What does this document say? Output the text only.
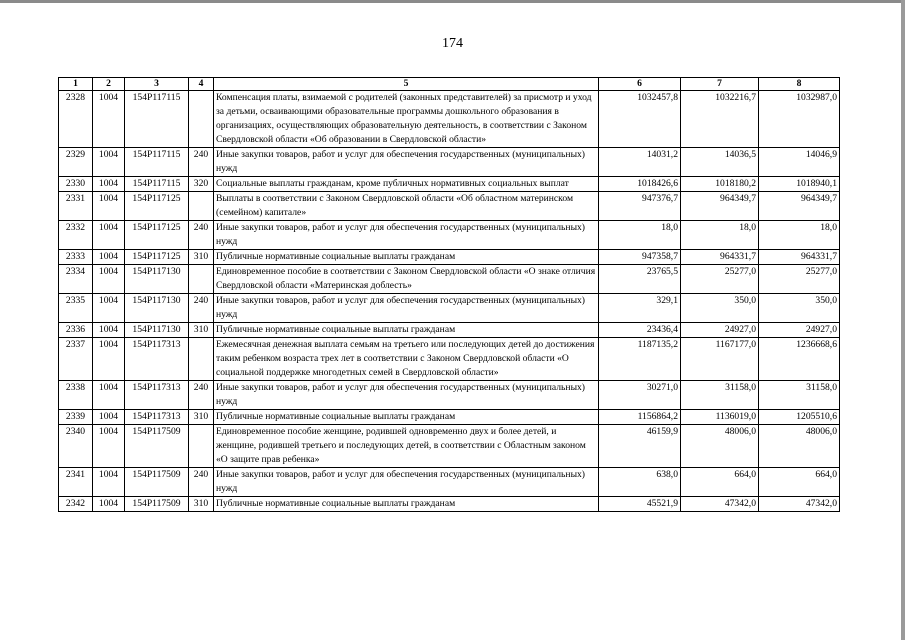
174
1	2	3	4	5	6	7	8
2328	1004	154P117115		Компенсация платы, взимаемой с родителей (законных представителей) за присмотр и уход за детьми, осваивающими образовательные программы дошкольного образования в организациях, осуществляющих образовательную деятельность, в соответствии с Законом Свердловской области «Об образовании в Свердловской области»	1032457,8	1032216,7	1032987,0
2329	1004	154P117115	240	Иные закупки товаров, работ и услуг для обеспечения государственных (муниципальных) нужд	14031,2	14036,5	14046,9
2330	1004	154P117115	320	Социальные выплаты гражданам, кроме публичных нормативных социальных выплат	1018426,6	1018180,2	1018940,1
2331	1004	154P117125		Выплаты в соответствии с Законом Свердловской области «Об областном материнском (семейном) капитале»	947376,7	964349,7	964349,7
2332	1004	154P117125	240	Иные закупки товаров, работ и услуг для обеспечения государственных (муниципальных) нужд	18,0	18,0	18,0
2333	1004	154P117125	310	Публичные нормативные социальные выплаты гражданам	947358,7	964331,7	964331,7
2334	1004	154P117130		Единовременное пособие в соответствии с Законом Свердловской области «О знаке отличия Свердловской области «Материнская доблесть»	23765,5	25277,0	25277,0
2335	1004	154P117130	240	Иные закупки товаров, работ и услуг для обеспечения государственных (муниципальных) нужд	329,1	350,0	350,0
2336	1004	154P117130	310	Публичные нормативные социальные выплаты гражданам	23436,4	24927,0	24927,0
2337	1004	154P117313		Ежемесячная денежная выплата семьям на третьего или последующих детей до достижения таким ребенком возраста трех лет в соответствии с Законом Свердловской области «О социальной поддержке многодетных семей в Свердловской области»	1187135,2	1167177,0	1236668,6
2338	1004	154P117313	240	Иные закупки товаров, работ и услуг для обеспечения государственных (муниципальных) нужд	30271,0	31158,0	31158,0
2339	1004	154P117313	310	Публичные нормативные социальные выплаты гражданам	1156864,2	1136019,0	1205510,6
2340	1004	154P117509		Единовременное пособие женщине, родившей одновременно двух и более детей, и женщине, родившей третьего и последующих детей, в соответствии с Областным законом «О защите прав ребенка»	46159,9	48006,0	48006,0
2341	1004	154P117509	240	Иные закупки товаров, работ и услуг для обеспечения государственных (муниципальных) нужд	638,0	664,0	664,0
2342	1004	154P117509	310	Публичные нормативные социальные выплаты гражданам	45521,9	47342,0	47342,0
